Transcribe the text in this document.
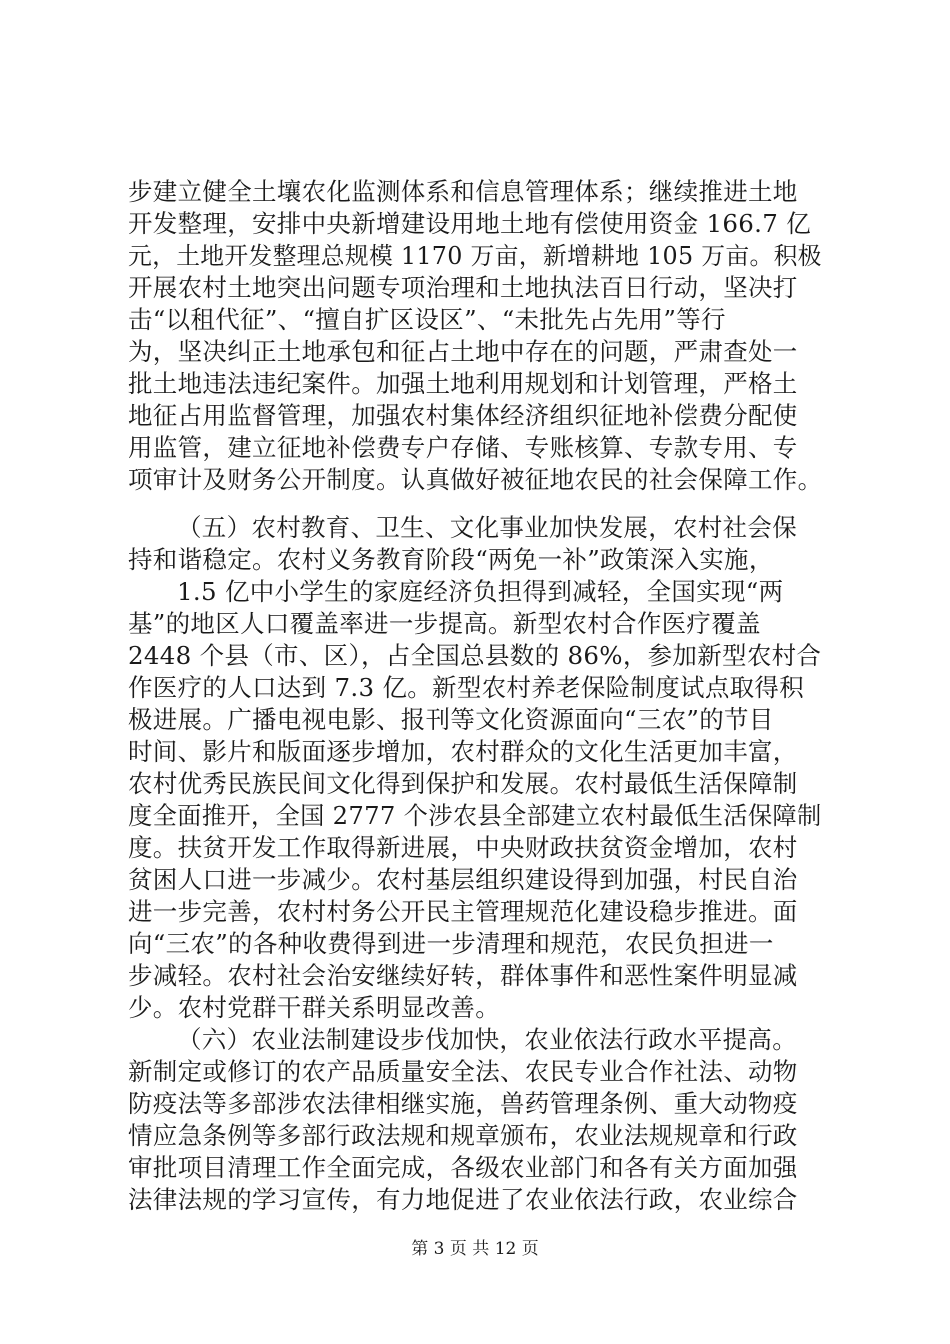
步建立健全土壤农化监测体系和信息管理体系；继续推进土地
开发整理，安排中央新增建设用地土地有偿使用资金 166.7 亿
元，土地开发整理总规模 1170 万亩，新增耕地 105 万亩。积极
开展农村土地突出问题专项治理和土地执法百日行动，坚决打
击“以租代征”、“擅自扩区设区”、“未批先占先用”等行
为，坚决纠正土地承包和征占土地中存在的问题，严肃查处一
批土地违法违纪案件。加强土地利用规划和计划管理，严格土
地征占用监督管理，加强农村集体经济组织征地补偿费分配使
用监管，建立征地补偿费专户存储、专账核算、专款专用、专
项审计及财务公开制度。认真做好被征地农民的社会保障工作。
（五）农村教育、卫生、文化事业加快发展，农村社会保
持和谐稳定。农村义务教育阶段“两免一补”政策深入实施，
1.5 亿中小学生的家庭经济负担得到减轻，全国实现“两
基”的地区人口覆盖率进一步提高。新型农村合作医疗覆盖
2448 个县（市、区），占全国总县数的 86%，参加新型农村合
作医疗的人口达到 7.3 亿。新型农村养老保险制度试点取得积
极进展。广播电视电影、报刊等文化资源面向“三农”的节目
时间、影片和版面逐步增加，农村群众的文化生活更加丰富，
农村优秀民族民间文化得到保护和发展。农村最低生活保障制
度全面推开，全国 2777 个涉农县全部建立农村最低生活保障制
度。扶贫开发工作取得新进展，中央财政扶贫资金增加，农村
贫困人口进一步减少。农村基层组织建设得到加强，村民自治
进一步完善，农村村务公开民主管理规范化建设稳步推进。面
向“三农”的各种收费得到进一步清理和规范，农民负担进一
步减轻。农村社会治安继续好转，群体事件和恶性案件明显减
少。农村党群干群关系明显改善。
（六）农业法制建设步伐加快，农业依法行政水平提高。
新制定或修订的农产品质量安全法、农民专业合作社法、动物
防疫法等多部涉农法律相继实施，兽药管理条例、重大动物疫
情应急条例等多部行政法规和规章颁布，农业法规规章和行政
审批项目清理工作全面完成，各级农业部门和各有关方面加强
法律法规的学习宣传，有力地促进了农业依法行政，农业综合
第 3 页 共 12 页
